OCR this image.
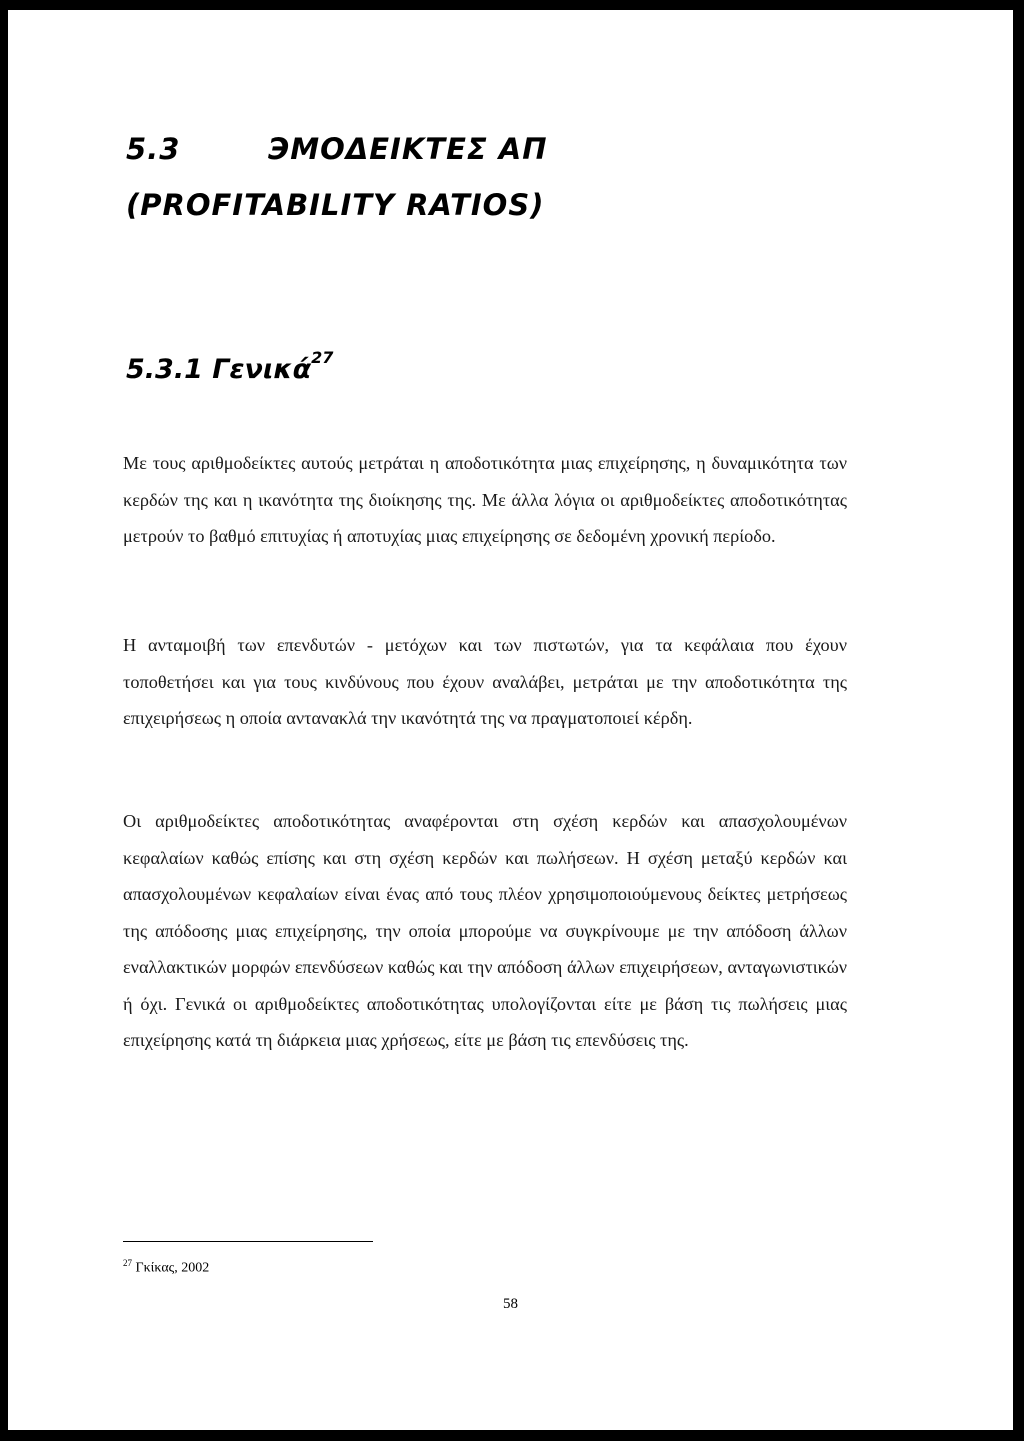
5.3	ЭΜΟΔΕΙΚΤΕΣ ΑΠ
(PROFITABILITY RATIOS)
5.3.1 Γενικά$^{27}$

Με τους αριθμοδείκτες αυτούς μετράται η αποδοτικότητα μιας επιχείρησης, η δυναμικότητα των κερδών της και η ικανότητα της διοίκησης της. Με άλλα λόγια οι αριθμοδείκτες αποδοτικότητας μετρούν το βαθμό επιτυχίας ή αποτυχίας μιας επιχείρησης σε δεδομένη χρονική περίοδο.

Η ανταμοιβή των επενδυτών - μετόχων και των πιστωτών, για τα κεφάλαια που έχουν τοποθετήσει και για τους κινδύνους που έχουν αναλάβει, μετράται με την αποδοτικότητα της επιχειρήσεως η οποία αντανακλά την ικανότητά της να πραγματοποιεί κέρδη.

Οι αριθμοδείκτες αποδοτικότητας αναφέρονται στη σχέση κερδών και απασχολουμένων κεφαλαίων καθώς επίσης και στη σχέση κερδών και πωλήσεων. Η σχέση μεταξύ κερδών και απασχολουμένων κεφαλαίων είναι ένας από τους πλέον χρησιμοποιούμενους δείκτες μετρήσεως της απόδοσης μιας επιχείρησης, την οποία μπορούμε να συγκρίνουμε με την απόδοση άλλων εναλλακτικών μορφών επενδύσεων καθώς και την απόδοση άλλων επιχειρήσεων, ανταγωνιστικών ή όχι. Γενικά οι αριθμοδείκτες αποδοτικότητας υπολογίζονται είτε με βάση τις πωλήσεις μιας επιχείρησης κατά τη διάρκεια μιας χρήσεως, είτε με βάση τις επενδύσεις της.

$^{27}$ Γκίκας, 2002
58
